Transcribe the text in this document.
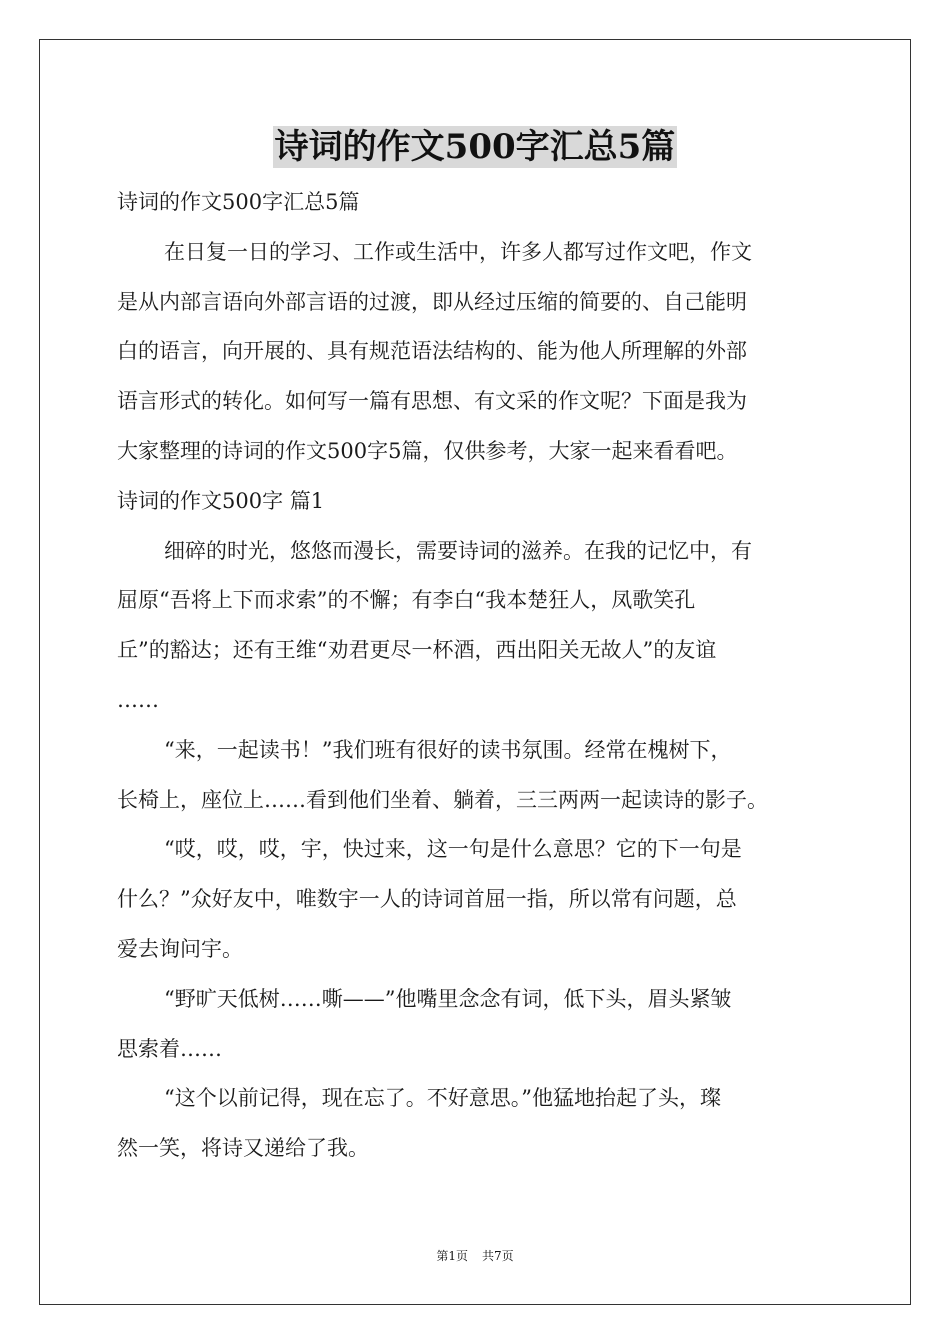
诗词的作文500字汇总5篇
诗词的作文500字汇总5篇
在日复一日的学习、工作或生活中，许多人都写过作文吧，作文
是从内部言语向外部言语的过渡，即从经过压缩的简要的、自己能明
白的语言，向开展的、具有规范语法结构的、能为他人所理解的外部
语言形式的转化。如何写一篇有思想、有文采的作文呢？下面是我为
大家整理的诗词的作文500字5篇，仅供参考，大家一起来看看吧。
诗词的作文500字 篇1
细碎的时光，悠悠而漫长，需要诗词的滋养。在我的记忆中，有
屈原“吾将上下而求索”的不懈；有李白“我本楚狂人，凤歌笑孔
丘”的豁达；还有王维“劝君更尽一杯酒，西出阳关无故人”的友谊
……
“来，一起读书！”我们班有很好的读书氛围。经常在槐树下，
长椅上，座位上……看到他们坐着、躺着，三三两两一起读诗的影子。
“哎，哎，哎，宇，快过来，这一句是什么意思？它的下一句是
什么？”众好友中，唯数宇一人的诗词首屈一指，所以常有问题，总
爱去询问宇。
“野旷天低树……嘶——”他嘴里念念有词，低下头，眉头紧皱
思索着……
“这个以前记得，现在忘了。不好意思。”他猛地抬起了头，璨
然一笑，将诗又递给了我。
第1页 共7页
